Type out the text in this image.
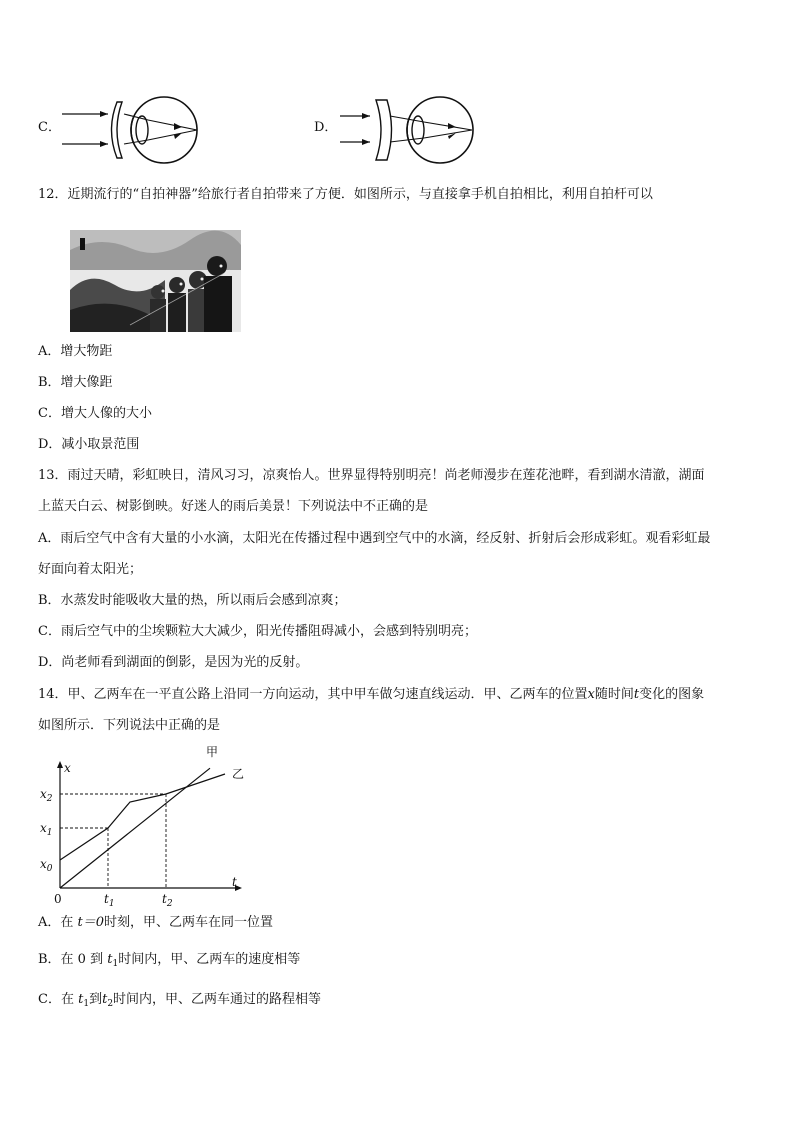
C．	D．
12．近期流行的“自拍神器”给旅行者自拍带来了方便．如图所示，与直接拿手机自拍相比，利用自拍杆可以
A．增大物距
B．增大像距
C．增大人像的大小
D．减小取景范围
13．雨过天晴，彩虹映日，清风习习，凉爽怡人。世界显得特别明亮！尚老师漫步在莲花池畔，看到湖水清澈，湖面
上蓝天白云、树影倒映。好迷人的雨后美景！下列说法中不正确的是
A．雨后空气中含有大量的小水滴，太阳光在传播过程中遇到空气中的水滴，经反射、折射后会形成彩虹。观看彩虹最
好面向着太阳光；
B．水蒸发时能吸收大量的热，所以雨后会感到凉爽；
C．雨后空气中的尘埃颗粒大大减少，阳光传播阻碍减小，会感到特别明亮；
D．尚老师看到湖面的倒影，是因为光的反射。
14．甲、乙两车在一平直公路上沿同一方向运动，其中甲车做匀速直线运动．甲、乙两车的位置x随时间t变化的图象
如图所示．下列说法中正确的是
t
x
甲
乙
$x_0$
$x_1$
$x_2$
$t_1$	$t_2$
0
A．在 t＝0时刻，甲、乙两车在同一位置
B．在 0 到 $t_1$时间内，甲、乙两车的速度相等
C．在 $t_1$到$t_2$时间内，甲、乙两车通过的路程相等
